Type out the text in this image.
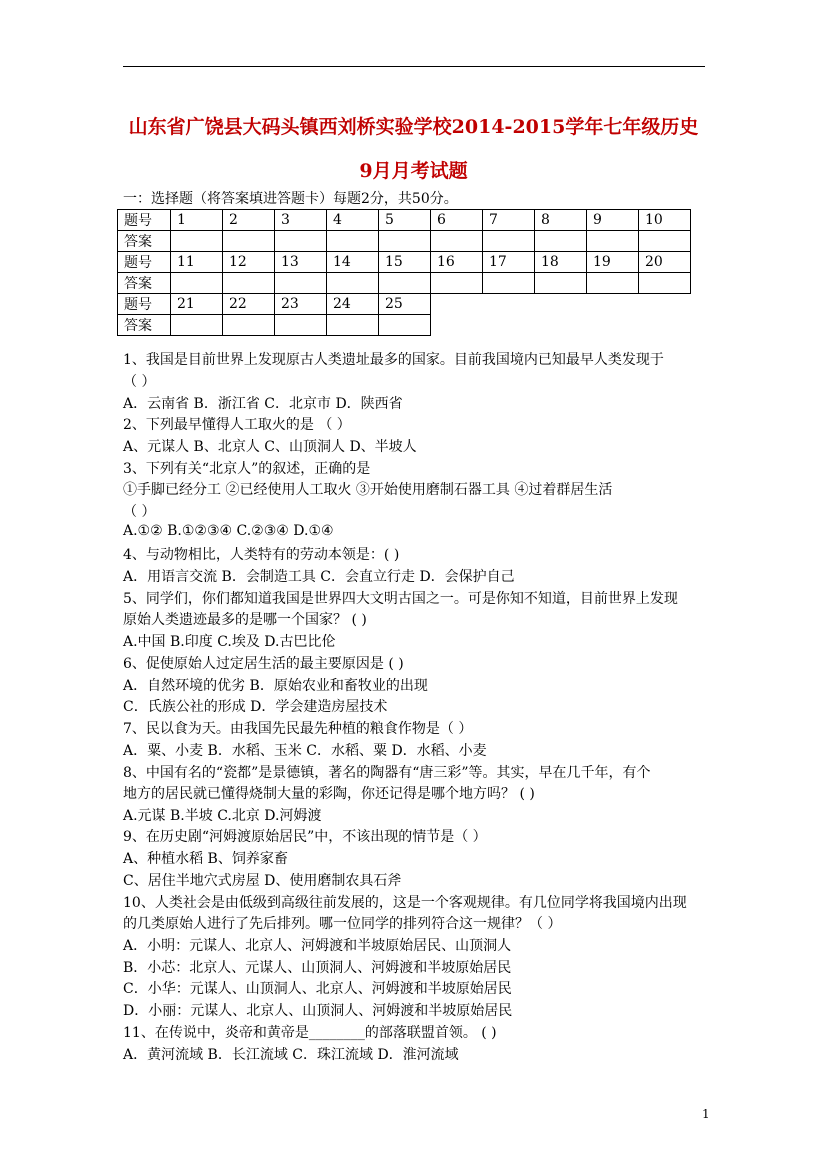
山东省广饶县大码头镇西刘桥实验学校2014-2015学年七年级历史
9月月考试题
一：选择题（将答案填进答题卡）每题2分，共50分。
题号	1	2	3	4	5	6	7	8	9	10
答案										
题号	11	12	13	14	15	16	17	18	19	20
答案										
题号	21	22	23	24	25					
答案										
1、我国是目前世界上发现原古人类遗址最多的国家。目前我国境内已知最早人类发现于
（ ）
A．云南省 B．浙江省 C．北京市 D．陕西省
2、下列最早懂得人工取火的是 （ ）
A、元谋人 B、北京人 C、山顶洞人 D、半坡人
3、下列有关“北京人”的叙述，正确的是
①手脚已经分工 ②已经使用人工取火 ③开始使用磨制石器工具 ④过着群居生活
（ ）
A.①② B.①②③④ C.②③④ D.①④
4、与动物相比，人类特有的劳动本领是：( )
A．用语言交流 B．会制造工具 C．会直立行走 D．会保护自己
5、同学们，你们都知道我国是世界四大文明古国之一。可是你知不知道，目前世界上发现
原始人类遗迹最多的是哪一个国家？ ( )
A.中国 B.印度 C.埃及 D.古巴比伦
6、促使原始人过定居生活的最主要原因是 ( )
A．自然环境的优劣 B．原始农业和畜牧业的出现
C．氏族公社的形成 D．学会建造房屋技术
7、民以食为天。由我国先民最先种植的粮食作物是（ ）
A．粟、小麦 B．水稻、玉米 C．水稻、粟 D．水稻、小麦
8、中国有名的“瓷都”是景德镇，著名的陶器有“唐三彩”等。其实，早在几千年，有个
地方的居民就已懂得烧制大量的彩陶，你还记得是哪个地方吗？ ( )
A.元谋 B.半坡 C.北京 D.河姆渡
9、在历史剧“河姆渡原始居民”中，不该出现的情节是（ ）
A、种植水稻 B、饲养家畜
C、居住半地穴式房屋 D、使用磨制农具石斧
10、人类社会是由低级到高级往前发展的，这是一个客观规律。有几位同学将我国境内出现
的几类原始人进行了先后排列。哪一位同学的排列符合这一规律？（ ）
A．小明：元谋人、北京人、河姆渡和半坡原始居民、山顶洞人
B．小芯：北京人、元谋人、山顶洞人、河姆渡和半坡原始居民
C．小华：元谋人、山顶洞人、北京人、河姆渡和半坡原始居民
D．小丽：元谋人、北京人、山顶洞人、河姆渡和半坡原始居民
11、在传说中，炎帝和黄帝是________的部落联盟首领。 ( )
A．黄河流域 B．长江流域 C．珠江流域 D．淮河流域
1
